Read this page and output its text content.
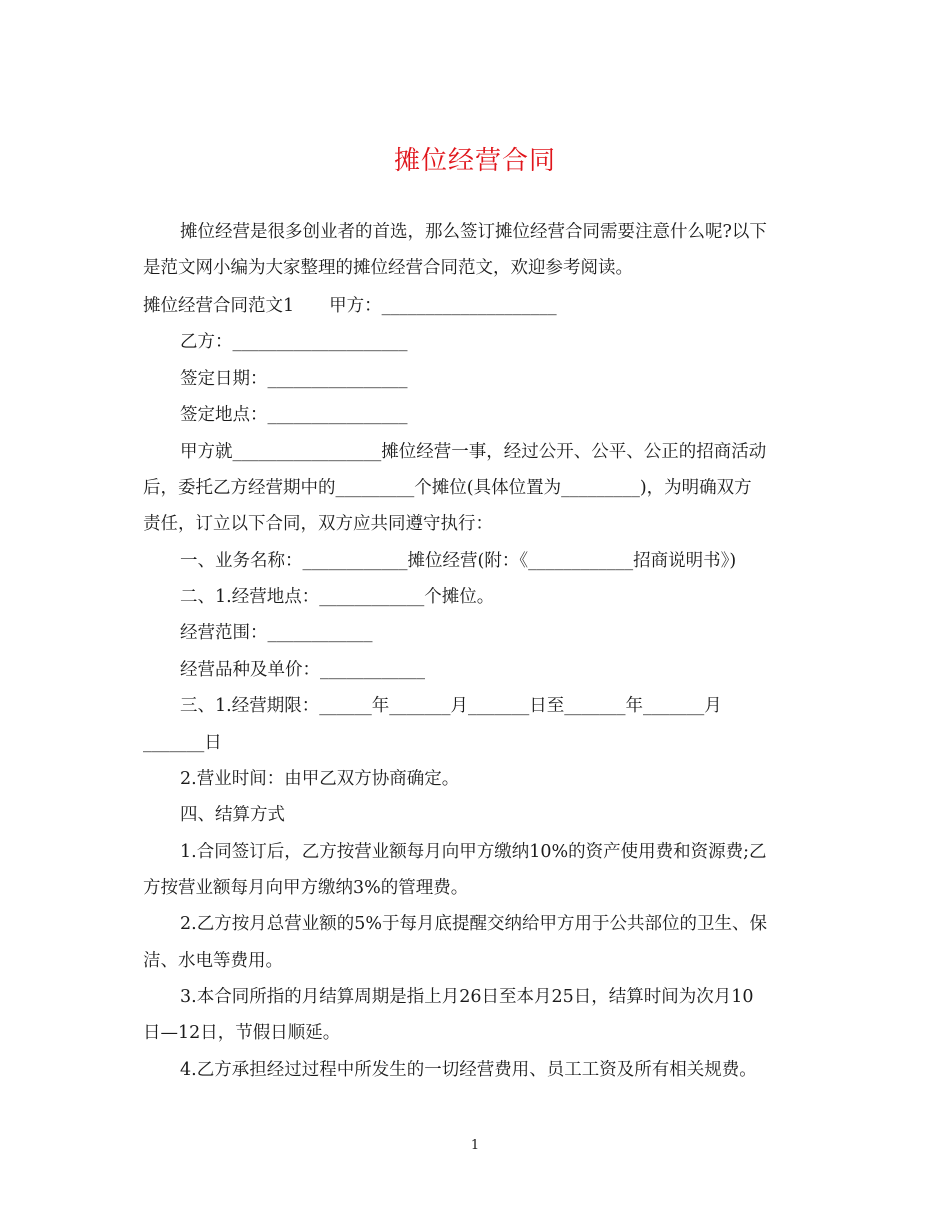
摊位经营合同
摊位经营是很多创业者的首选，那么签订摊位经营合同需要注意什么呢?以下
是范文网小编为大家整理的摊位经营合同范文，欢迎参考阅读。
摊位经营合同范文1　　甲方：____________________
乙方：____________________
签定日期：________________
签定地点：________________
甲方就_________________摊位经营一事，经过公开、公平、公正的招商活动
后，委托乙方经营期中的_________个摊位(具体位置为_________)，为明确双方
责任，订立以下合同，双方应共同遵守执行：
一、业务名称：____________摊位经营(附：《____________招商说明书》)
二、1.经营地点：____________个摊位。
经营范围：____________
经营品种及单价：____________
三、1.经营期限：______年_______月_______日至_______年_______月
_______日
2.营业时间：由甲乙双方协商确定。
四、结算方式
1.合同签订后，乙方按营业额每月向甲方缴纳10%的资产使用费和资源费;乙
方按营业额每月向甲方缴纳3%的管理费。
2.乙方按月总营业额的5%于每月底提醒交纳给甲方用于公共部位的卫生、保
洁、水电等费用。
3.本合同所指的月结算周期是指上月26日至本月25日，结算时间为次月10
日—12日，节假日顺延。
4.乙方承担经过过程中所发生的一切经营费用、员工工资及所有相关规费。
1
